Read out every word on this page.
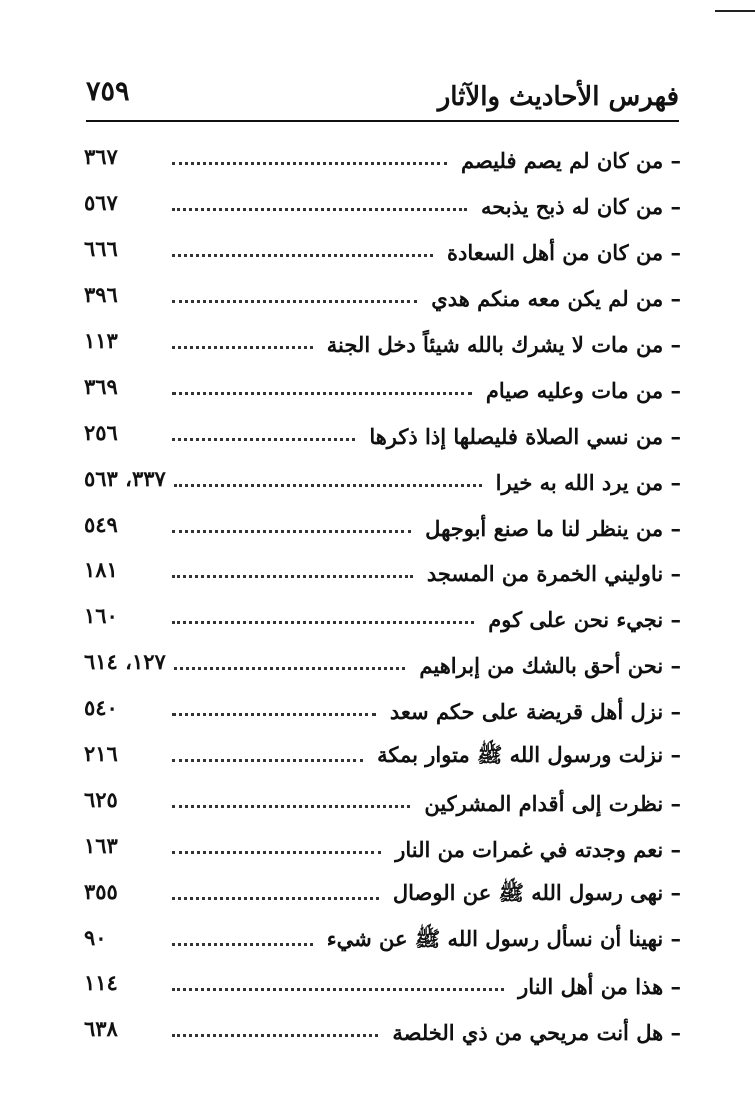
فهرس الأحاديث والآثار
٧٥٩
– من كان لم يصم فليصم
٣٦٧
– من كان له ذبح يذبحه
٥٦٧
– من كان من أهل السعادة
٦٦٦
– من لم يكن معه منكم هدي
٣٩٦
– من مات لا يشرك بالله شيئاً دخل الجنة
١١٣
– من مات وعليه صيام
٣٦٩
– من نسي الصلاة فليصلها إذا ذكرها
٢٥٦
– من يرد الله به خيرا
٣٣٧، ٥٦٣
– من ينظر لنا ما صنع أبوجهل
٥٤٩
– ناوليني الخمرة من المسجد
١٨١
– نجيء نحن على كوم
١٦٠
– نحن أحق بالشك من إبراهيم
١٢٧، ٦١٤
– نزل أهل قريضة على حكم سعد
٥٤٠
– نزلت ورسول الله ﷺ متوار بمكة
٢١٦
– نظرت إلى أقدام المشركين
٦٢٥
– نعم وجدته في غمرات من النار
١٦٣
– نهى رسول الله ﷺ عن الوصال
٣٥٥
– نهينا أن نسأل رسول الله ﷺ عن شيء
٩٠
– هذا من أهل النار
١١٤
– هل أنت مريحي من ذي الخلصة
٦٣٨
